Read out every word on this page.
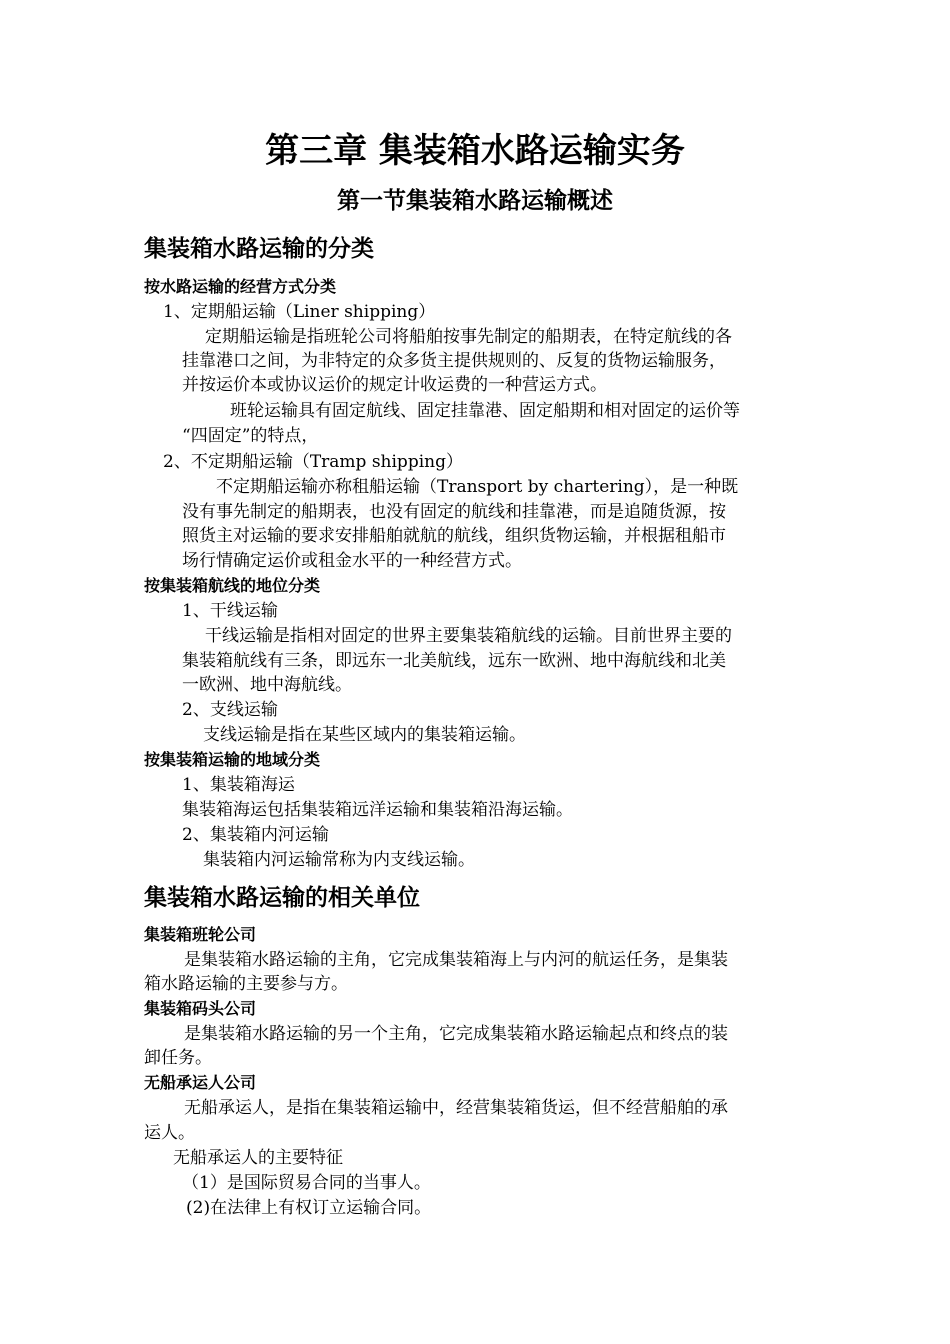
第三章 集装箱水路运输实务
第一节集装箱水路运输概述
集装箱水路运输的分类
按水路运输的经营方式分类
1、定期船运输（Liner shipping）
定期船运输是指班轮公司将船舶按事先制定的船期表，在特定航线的各
挂靠港口之间，为非特定的众多货主提供规则的、反复的货物运输服务，
并按运价本或协议运价的规定计收运费的一种营运方式。
班轮运输具有固定航线、固定挂靠港、固定船期和相对固定的运价等
“四固定”的特点，
2、不定期船运输（Tramp shipping）
不定期船运输亦称租船运输（Transport by chartering），是一种既
没有事先制定的船期表，也没有固定的航线和挂靠港，而是追随货源，按
照货主对运输的要求安排船舶就航的航线，组织货物运输，并根据租船市
场行情确定运价或租金水平的一种经营方式。
按集装箱航线的地位分类
1、干线运输
干线运输是指相对固定的世界主要集装箱航线的运输。目前世界主要的
集装箱航线有三条，即远东一北美航线，远东一欧洲、地中海航线和北美
一欧洲、地中海航线。
2、支线运输
支线运输是指在某些区域内的集装箱运输。
按集装箱运输的地域分类
1、集装箱海运
集装箱海运包括集装箱远洋运输和集装箱沿海运输。
2、集装箱内河运输
集装箱内河运输常称为内支线运输。
集装箱水路运输的相关单位
集装箱班轮公司
是集装箱水路运输的主角，它完成集装箱海上与内河的航运任务，是集装
箱水路运输的主要参与方。
集装箱码头公司
是集装箱水路运输的另一个主角，它完成集装箱水路运输起点和终点的装
卸任务。
无船承运人公司
无船承运人，是指在集装箱运输中，经营集装箱货运，但不经营船舶的承
运人。
无船承运人的主要特征
（1）是国际贸易合同的当事人。
(2)在法律上有权订立运输合同。
